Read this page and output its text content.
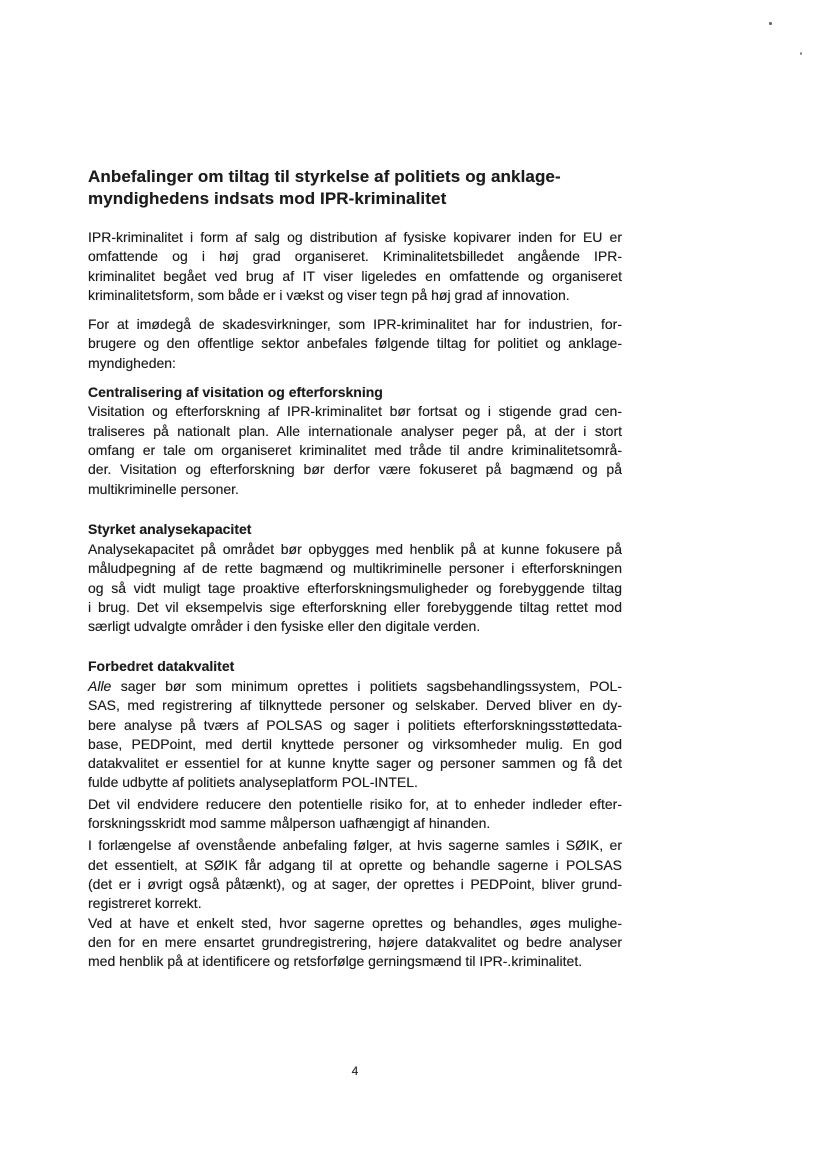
Anbefalinger om tiltag til styrkelse af politiets og anklage-
myndighedens indsats mod IPR-kriminalitet
IPR-kriminalitet i form af salg og distribution af fysiske kopivarer inden for EU er
omfattende og i høj grad organiseret. Kriminalitetsbilledet angående IPR-
kriminalitet begået ved brug af IT viser ligeledes en omfattende og organiseret
kriminalitetsform, som både er i vækst og viser tegn på høj grad af innovation.
For at imødegå de skadesvirkninger, som IPR-kriminalitet har for industrien, for-
brugere og den offentlige sektor anbefales følgende tiltag for politiet og anklage-
myndigheden:
Centralisering af visitation og efterforskning
Visitation og efterforskning af IPR-kriminalitet bør fortsat og i stigende grad cen-
traliseres på nationalt plan. Alle internationale analyser peger på, at der i stort
omfang er tale om organiseret kriminalitet med tråde til andre kriminalitetsområ-
der. Visitation og efterforskning bør derfor være fokuseret på bagmænd og på
multikriminelle personer.
Styrket analysekapacitet
Analysekapacitet på området bør opbygges med henblik på at kunne fokusere på
måludpegning af de rette bagmænd og multikriminelle personer i efterforskningen
og så vidt muligt tage proaktive efterforskningsmuligheder og forebyggende tiltag
i brug. Det vil eksempelvis sige efterforskning eller forebyggende tiltag rettet mod
særligt udvalgte områder i den fysiske eller den digitale verden.
Forbedret datakvalitet
Alle sager bør som minimum oprettes i politiets sagsbehandlingssystem, POL-
SAS, med registrering af tilknyttede personer og selskaber. Derved bliver en dy-
bere analyse på tværs af POLSAS og sager i politiets efterforskningsstøttedata-
base, PEDPoint, med dertil knyttede personer og virksomheder mulig. En god
datakvalitet er essentiel for at kunne knytte sager og personer sammen og få det
fulde udbytte af politiets analyseplatform POL-INTEL.
Det vil endvidere reducere den potentielle risiko for, at to enheder indleder efter-
forskningsskridt mod samme målperson uafhængigt af hinanden.
I forlængelse af ovenstående anbefaling følger, at hvis sagerne samles i SØIK, er
det essentielt, at SØIK får adgang til at oprette og behandle sagerne i POLSAS
(det er i øvrigt også påtænkt), og at sager, der oprettes i PEDPoint, bliver grund-
registreret korrekt.
Ved at have et enkelt sted, hvor sagerne oprettes og behandles, øges mulighe-
den for en mere ensartet grundregistrering, højere datakvalitet og bedre analyser
med henblik på at identificere og retsforfølge gerningsmænd til IPR-.kriminalitet.
4
